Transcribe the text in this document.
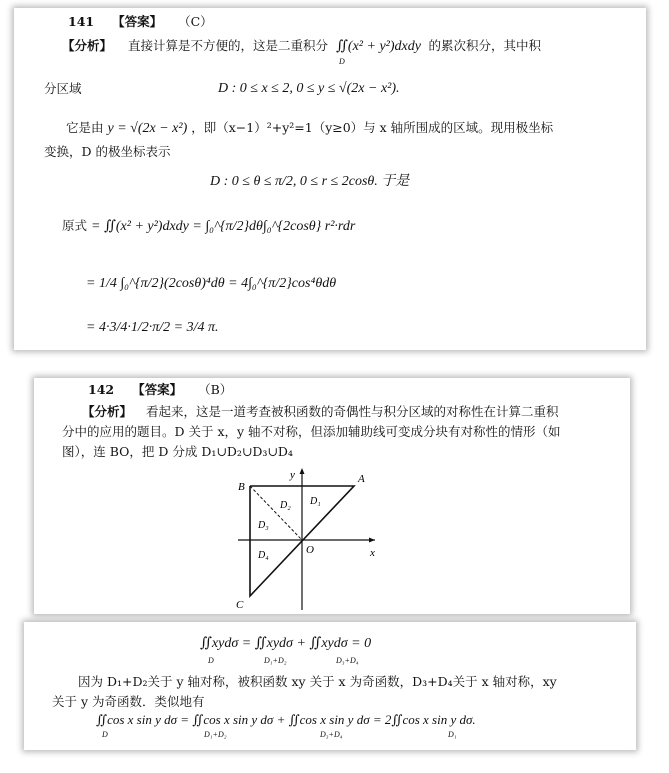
141 【答案】 （C）
【分析】 直接计算是不方便的，这是二重积分 ∬(x² + y²)dxdy
D
的累次积分，其中积
分区域	D : 0 ≤ x ≤ 2, 0 ≤ y ≤ √(2x − x²).
它是由 y = √(2x − x²) ，即（x−1）²+y²=1（y≥0）与 x 轴所围成的区域。现用极坐标
变换，D 的极坐标表示
D : 0 ≤ θ ≤ π/2, 0 ≤ r ≤ 2cosθ. 于是
原式 = ∬(x² + y²)dxdy = ∫₀^{π/2}dθ∫₀^{2cosθ} r²·rdr
= 1/4 ∫₀^{π/2}(2cosθ)⁴dθ = 4∫₀^{π/2}cos⁴θdθ
= 4·3/4·1/2·π/2 = 3/4 π.
142 【答案】 （B）
【分析】 看起来，这是一道考查被积函数的奇偶性与积分区域的对称性在计算二重积
分中的应用的题目。D 关于 x，y 轴不对称，但添加辅助线可变成分块有对称性的情形（如
图），连 BO，把 D 分成 D₁∪D₂∪D₃∪D₄
y	A
B
D₂ D₁
D₃
O	x
D₄
C
∬xydσ = ∬xydσ + ∬xydσ = 0
D	D₁+D₂	D₃+D₄
因为 D₁+D₂关于 y 轴对称，被积函数 xy 关于 x 为奇函数，D₃+D₄关于 x 轴对称，xy
关于 y 为奇函数．类似地有
∬cos x sin y dσ = ∬cos x sin y dσ + ∬cos x sin y dσ = 2∬cos x sin y dσ.
D	D₁+D₂	D₃+D₄	D₁
